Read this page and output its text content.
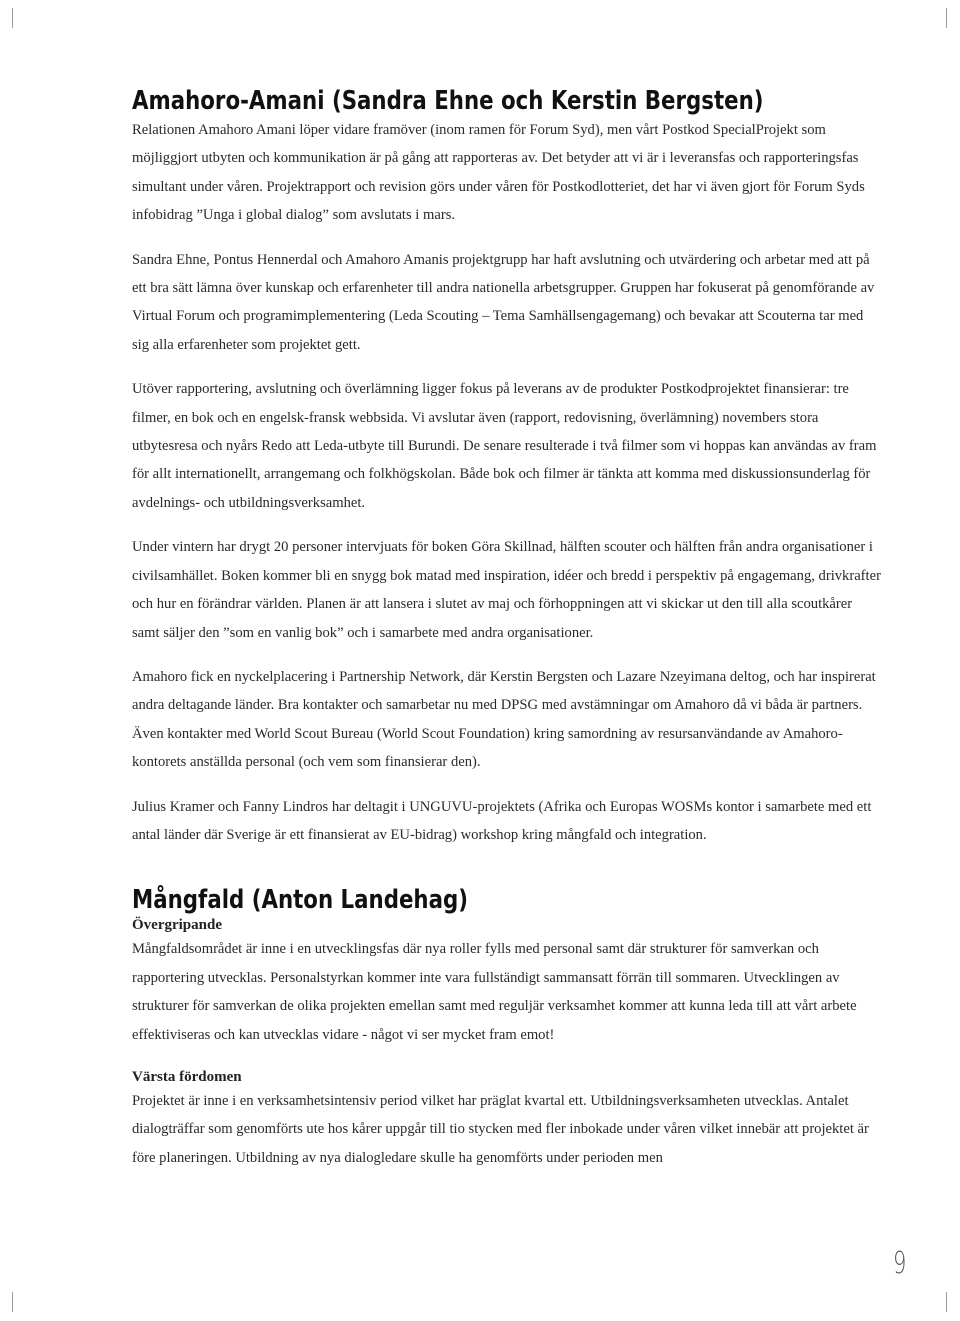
Amahoro-Amani (Sandra Ehne och Kerstin Bergsten)

Relationen Amahoro Amani löper vidare framöver (inom ramen för Forum Syd), men vårt Postkod SpecialProjekt som möjliggjort utbyten och kommunikation är på gång att rapporteras av. Det betyder att vi är i leveransfas och rapporteringsfas simultant under våren. Projektrapport och revision görs under våren för Postkodlotteriet, det har vi även gjort för Forum Syds infobidrag ”Unga i global dialog” som avslutats i mars.

Sandra Ehne, Pontus Hennerdal och Amahoro Amanis projektgrupp har haft avslutning och utvärdering och arbetar med att på ett bra sätt lämna över kunskap och erfarenheter till andra nationella arbetsgrupper. Gruppen har fokuserat på genomförande av Virtual Forum och programimplementering (Leda Scouting – Tema Samhällsengagemang) och bevakar att Scouterna tar med sig alla erfarenheter som projektet gett.

Utöver rapportering, avslutning och överlämning ligger fokus på leverans av de produkter Postkodprojektet finansierar: tre filmer, en bok och en engelsk-fransk webbsida. Vi avslutar även (rapport, redovisning, överlämning) novembers stora utbytesresa och nyårs Redo att Leda-utbyte till Burundi. De senare resulterade i två filmer som vi hoppas kan användas av fram för allt internationellt, arrangemang och folkhögskolan. Både bok och filmer är tänkta att komma med diskussionsunderlag för avdelnings- och utbildningsverksamhet.

Under vintern har drygt 20 personer intervjuats för boken Göra Skillnad, hälften scouter och hälften från andra organisationer i civilsamhället. Boken kommer bli en snygg bok matad med inspiration, idéer och bredd i perspektiv på engagemang, drivkrafter och hur en förändrar världen. Planen är att lansera i slutet av maj och förhoppningen att vi skickar ut den till alla scoutkårer samt säljer den ”som en vanlig bok” och i samarbete med andra organisationer.

Amahoro fick en nyckelplacering i Partnership Network, där Kerstin Bergsten och Lazare Nzeyimana deltog, och har inspirerat andra deltagande länder. Bra kontakter och samarbetar nu med DPSG med avstämningar om Amahoro då vi båda är partners. Även kontakter med World Scout Bureau (World Scout Foundation) kring samordning av resursanvändande av Amahoro-kontorets anställda personal (och vem som finansierar den).

Julius Kramer och Fanny Lindros har deltagit i UNGUVU-projektets (Afrika och Europas WOSMs kontor i samarbete med ett antal länder där Sverige är ett finansierat av EU-bidrag) workshop kring mångfald och integration.

Mångfald (Anton Landehag)
Övergripande

Mångfaldsområdet är inne i en utvecklingsfas där nya roller fylls med personal samt där strukturer för samverkan och rapportering utvecklas. Personalstyrkan kommer inte vara fullständigt sammansatt förrän till sommaren. Utvecklingen av strukturer för samverkan de olika projekten emellan samt med reguljär verksamhet kommer att kunna leda till att vårt arbete effektiviseras och kan utvecklas vidare - något vi ser mycket fram emot!

Värsta fördomen

Projektet är inne i en verksamhetsintensiv period vilket har präglat kvartal ett. Utbildningsverksamheten utvecklas. Antalet dialogträffar som genomförts ute hos kårer uppgår till tio stycken med fler inbokade under våren vilket innebär att projektet är före planeringen. Utbildning av nya dialogledare skulle ha genomförts under perioden men

9
